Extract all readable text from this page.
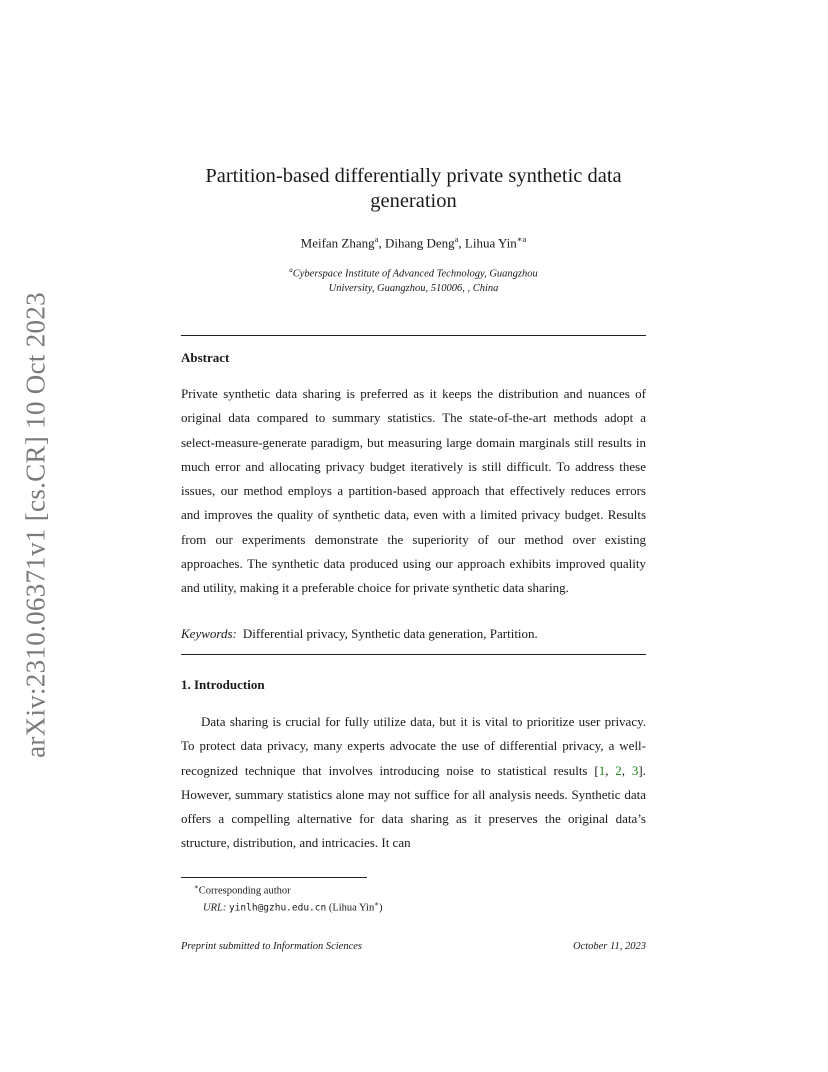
arXiv:2310.06371v1 [cs.CR] 10 Oct 2023
Partition-based differentially private synthetic data
generation
Meifan Zhang$^a$, Dihang Deng$^a$, Lihua Yin$^{∗a}$
$^a$Cyberspace Institute of Advanced Technology, Guangzhou
University, Guangzhou, 510006, , China
Abstract
Private synthetic data sharing is preferred as it keeps the distribution and nuances of original data compared to summary statistics. The state-of-the-art methods adopt a select-measure-generate paradigm, but measuring large domain marginals still results in much error and allocating privacy budget iteratively is still difficult. To address these issues, our method employs a partition-based approach that effectively reduces errors and improves the quality of synthetic data, even with a limited privacy budget. Results from our experiments demonstrate the superiority of our method over existing approaches. The synthetic data produced using our approach exhibits improved quality and utility, making it a preferable choice for private synthetic data sharing.
Keywords: Differential privacy, Synthetic data generation, Partition.
1. Introduction
Data sharing is crucial for fully utilize data, but it is vital to prioritize user privacy. To protect data privacy, many experts advocate the use of differential privacy, a well-recognized technique that involves introducing noise to statistical results [1, 2, 3]. However, summary statistics alone may not suffice for all analysis needs. Synthetic data offers a compelling alternative for data sharing as it preserves the original data’s structure, distribution, and intricacies. It can
∗Corresponding author
URL: yinlh@gzhu.edu.cn (Lihua Yin∗)
Preprint submitted to Information Sciences	October 11, 2023
